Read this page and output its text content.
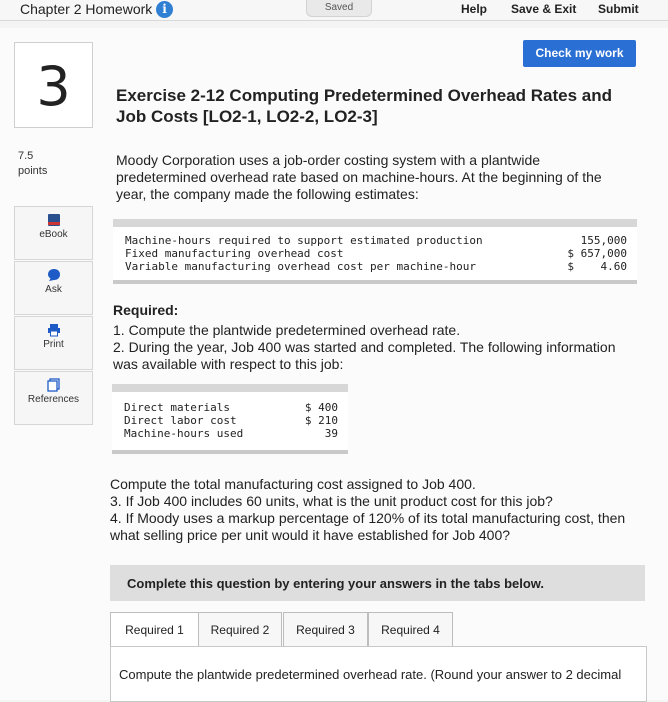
Chapter 2 Homework i	Saved	Help Save & Exit Submit
Check my work
3	Exercise 2-12 Computing Predetermined Overhead Rates and Job Costs [LO2-1, LO2-2, LO2-3]
7.5
points
Moody Corporation uses a job-order costing system with a plantwide predetermined overhead rate based on machine-hours. At the beginning of the year, the company made the following estimates:
eBook
Ask
Print
References
Machine-hours required to support estimated production	155,000
Fixed manufacturing overhead cost	$ 657,000
Variable manufacturing overhead cost per machine-hour	$    4.60
Required:
1. Compute the plantwide predetermined overhead rate.
2. During the year, Job 400 was started and completed. The following information was available with respect to this job:
Direct materials	$ 400
Direct labor cost	$ 210
Machine-hours used	39
Compute the total manufacturing cost assigned to Job 400.
3. If Job 400 includes 60 units, what is the unit product cost for this job?
4. If Moody uses a markup percentage of 120% of its total manufacturing cost, then what selling price per unit would it have established for Job 400?
Complete this question by entering your answers in the tabs below.
Required 1	Required 2	Required 3	Required 4
Compute the plantwide predetermined overhead rate. (Round your answer to 2 decimal
